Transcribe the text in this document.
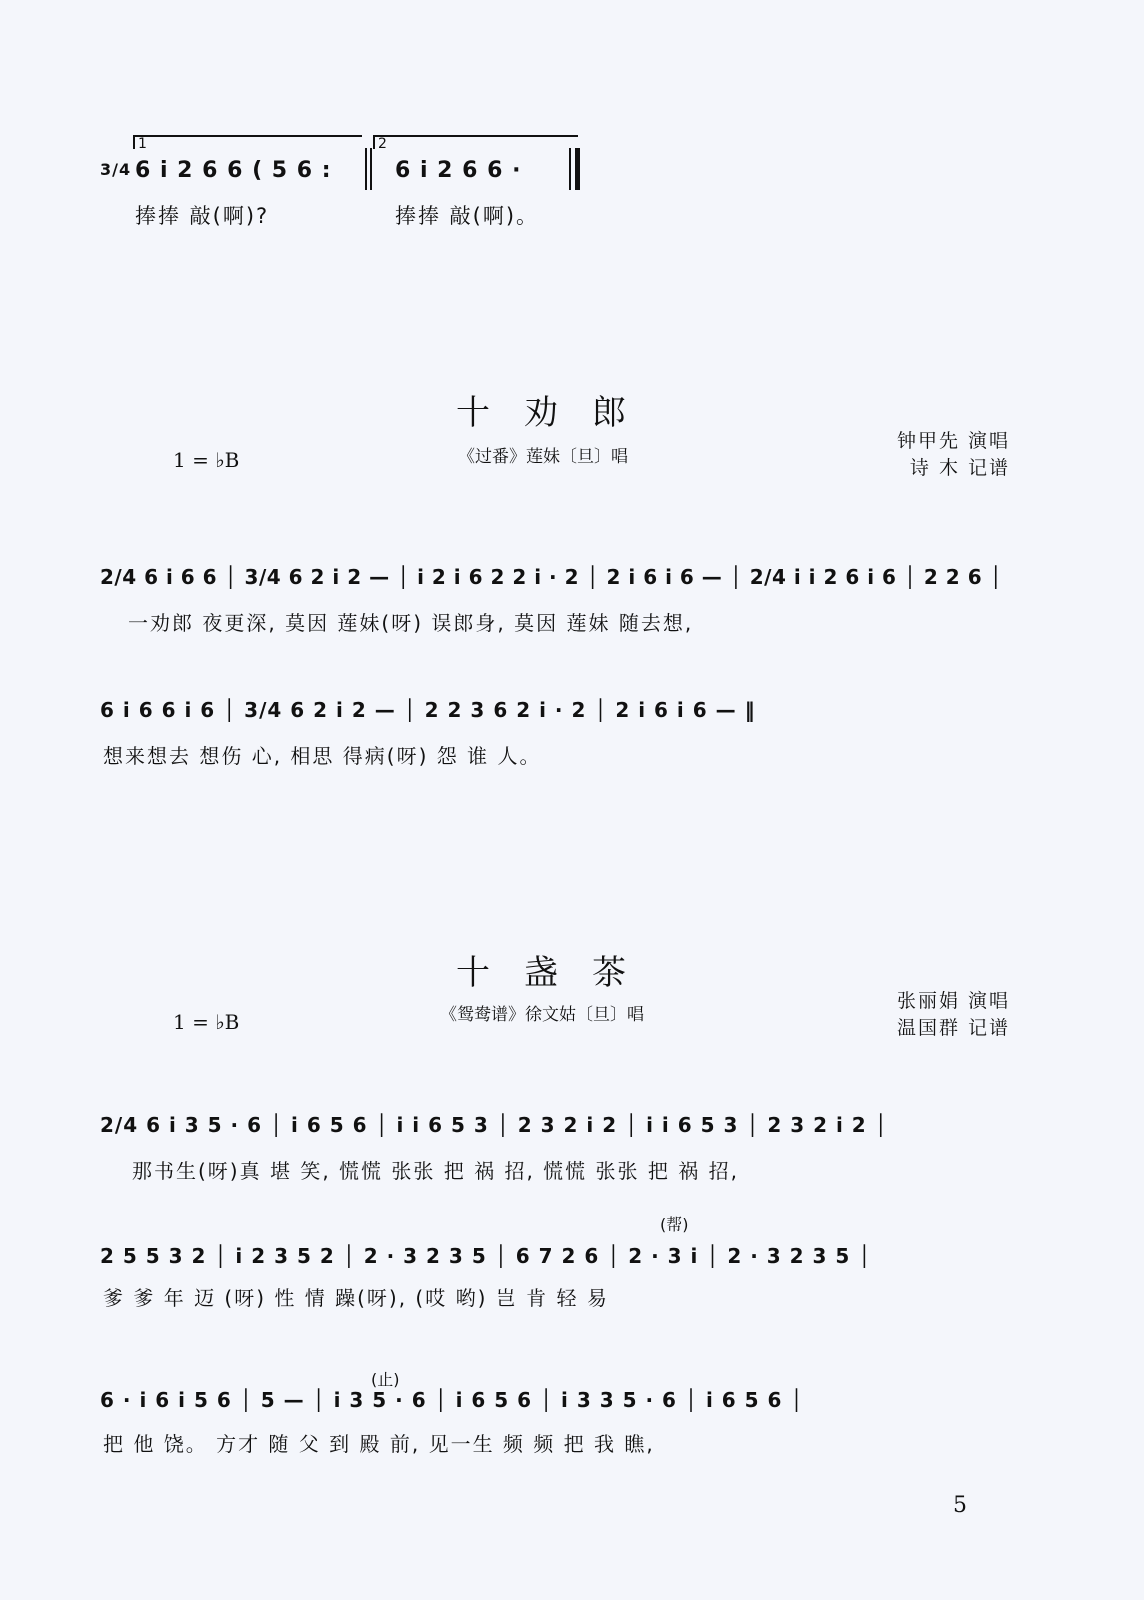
1	2
3/4 6 i 2 6 6 ( 5 6 :	6 i 2 6 6 ·
捧捧 敲(啊)?	捧捧 敲(啊)。
十劝郎
1 = ♭B	《过番》莲妹〔旦〕唱
钟甲先 演唱
诗 木 记谱
2/4 6 i 6 6 │ 3/4 6 2 i 2 — │ i 2 i 6 2 2 i · 2 │ 2 i 6 i 6 — │ 2/4 i i 2 6 i 6 │ 2 2 6 │
一劝郎 夜更深, 莫因 莲妹(呀) 误郎身, 莫因 莲妹 随去想,
6 i 6 6 i 6 │ 3/4 6 2 i 2 — │ 2 2 3 6 2 i · 2 │ 2 i 6 i 6 — ‖
想来想去 想伤 心, 相思 得病(呀) 怨 谁 人。
十盏茶
1 = ♭B	《鸳鸯谱》徐文姑〔旦〕唱
张丽娟 演唱
温国群 记谱
2/4 6 i 3 5 · 6 │ i 6 5 6 │ i i 6 5 3 │ 2 3 2 i 2 │ i i 6 5 3 │ 2 3 2 i 2 │
那书生(呀)真 堪 笑, 慌慌 张张 把 祸 招, 慌慌 张张 把 祸 招,
(帮)
2 5 5 3 2 │ i 2 3 5 2 │ 2 · 3 2 3 5 │ 6 7 2 6 │ 2 · 3 i │ 2 · 3 2 3 5 │
爹 爹 年 迈 (呀) 性 情 躁(呀), (哎 哟) 岂 肯 轻 易
(止)
6 · i 6 i 5 6 │ 5 — │ i 3 5 · 6 │ i 6 5 6 │ i 3 3 5 · 6 │ i 6 5 6 │
把 他 饶。 方才 随 父 到 殿 前, 见一生 频 频 把 我 瞧,
5
